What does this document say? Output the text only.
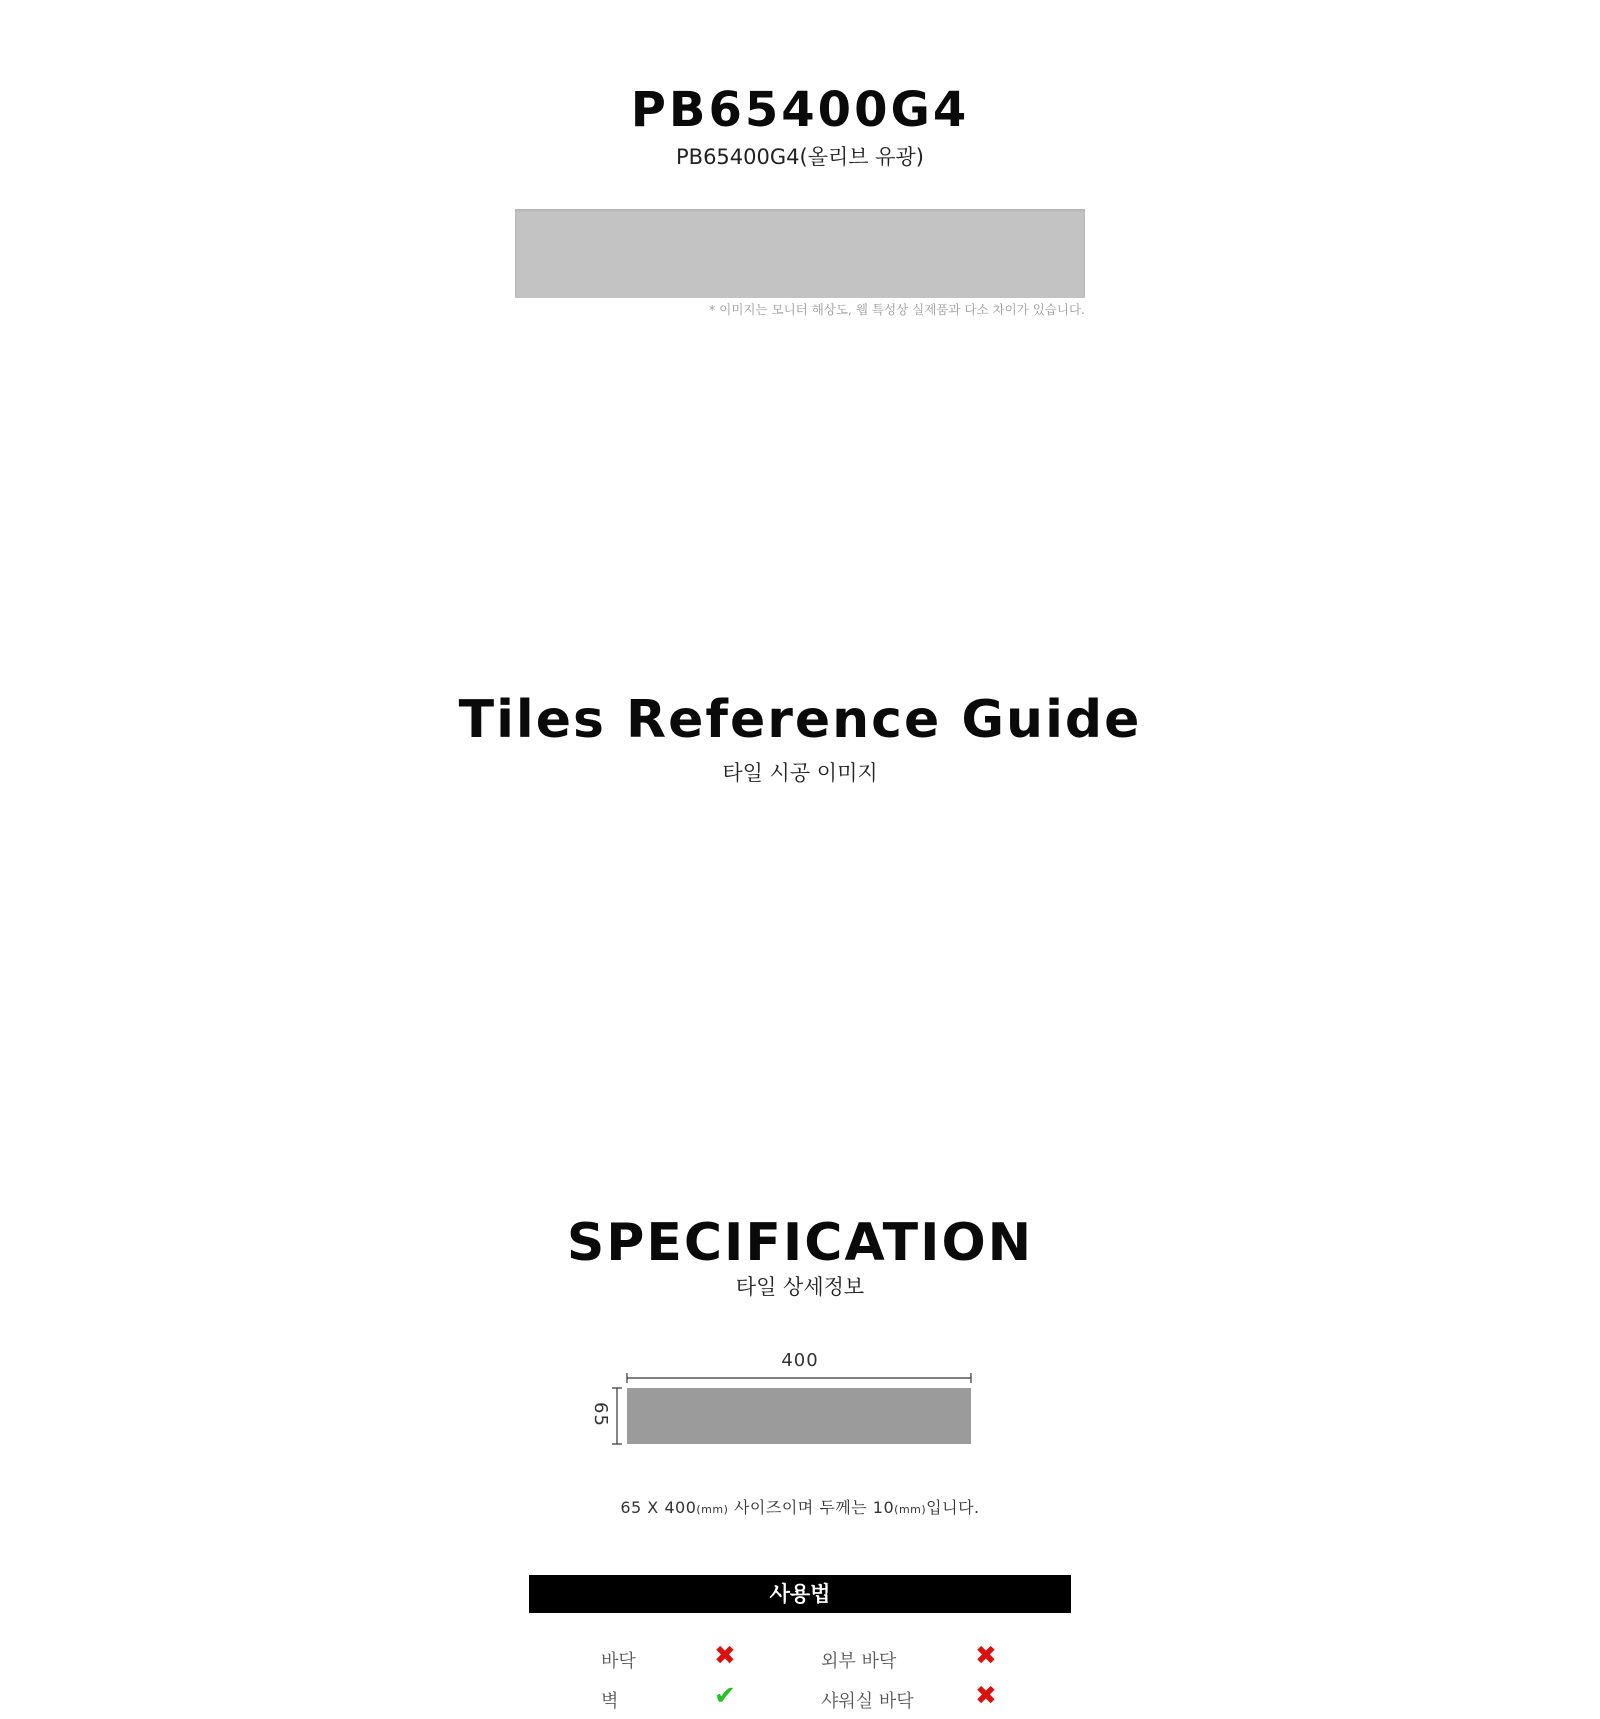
PB65400G4
PB65400G4(올리브 유광)
* 이미지는 모니터 해상도, 웹 특성상 실제품과 다소 차이가 있습니다.
Tiles Reference Guide
타일 시공 이미지
SPECIFICATION
타일 상세정보
400
65
65 X 400(mm) 사이즈이며 두께는 10(mm)입니다.
사용법
바닥	✖	외부 바닥	✖
벽	✔	샤워실 바닥 ✖
